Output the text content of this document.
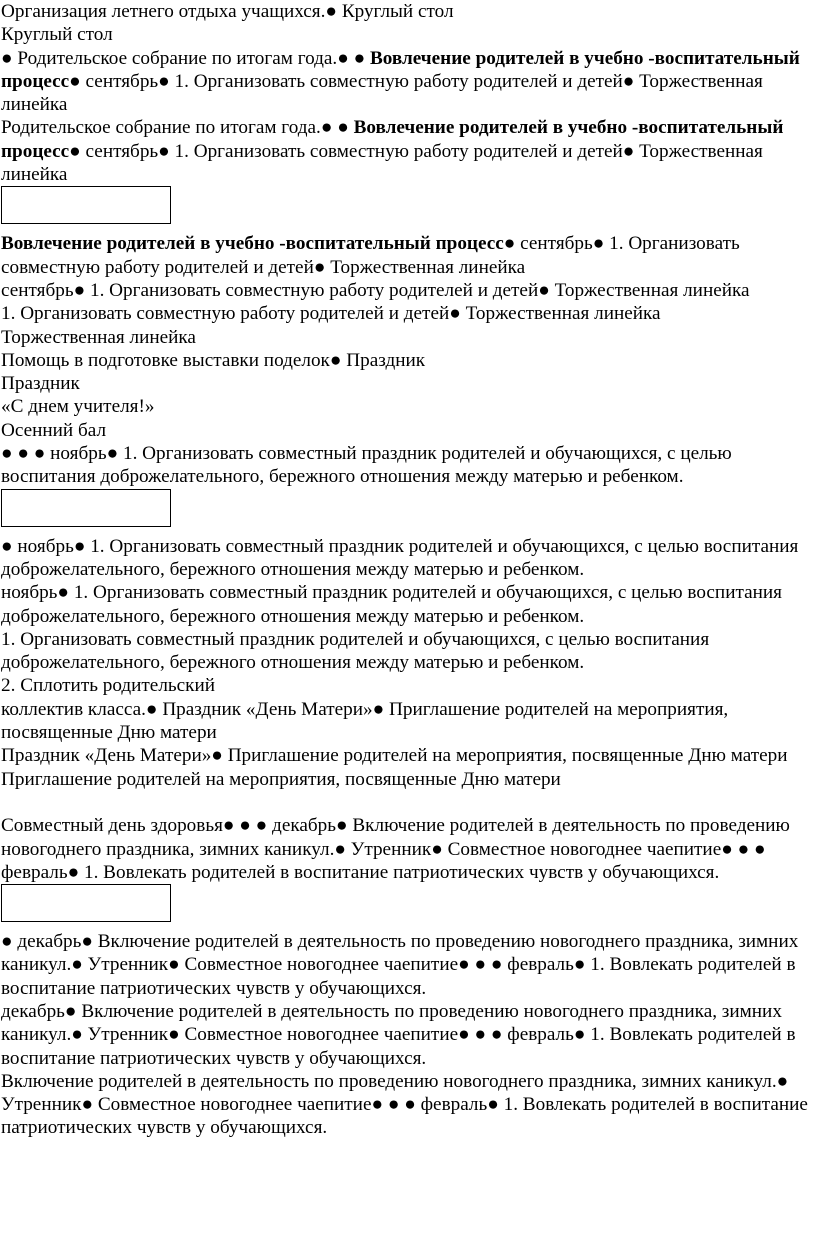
Организация летнего отдыха учащихся.● Круглый стол

Круглый стол

● Родительское собрание по итогам года.● ● Вовлечение родителей в учебно -воспитательный процесс● сентябрь● 1. Организовать совместную работу родителей и детей● Торжественная линейка

Родительское собрание по итогам года.● ● Вовлечение родителей в учебно -воспитательный процесс● сентябрь● 1. Организовать совместную работу родителей и детей● Торжественная линейка

Вовлечение родителей в учебно -воспитательный процесс● сентябрь● 1. Организовать совместную работу родителей и детей● Торжественная линейка

сентябрь● 1. Организовать совместную работу родителей и детей● Торжественная линейка

1. Организовать совместную работу родителей и детей● Торжественная линейка

Торжественная линейка

Помощь в подготовке выставки поделок● Праздник

Праздник

«С днем учителя!»

Осенний бал

● ● ● ноябрь● 1. Организовать совместный праздник родителей и обучающихся, с целью воспитания доброжелательного, бережного отношения между матерью и ребенком.

● ноябрь● 1. Организовать совместный праздник родителей и обучающихся, с целью воспитания доброжелательного, бережного отношения между матерью и ребенком.

ноябрь● 1. Организовать совместный праздник родителей и обучающихся, с целью воспитания доброжелательного, бережного отношения между матерью и ребенком.

1. Организовать совместный праздник родителей и обучающихся, с целью воспитания доброжелательного, бережного отношения между матерью и ребенком.

2. Сплотить родительский

коллектив класса.● Праздник «День Матери»● Приглашение родителей на мероприятия, посвященные Дню матери

Праздник «День Матери»● Приглашение родителей на мероприятия, посвященные Дню матери

Приглашение родителей на мероприятия, посвященные Дню матери

Совместный день здоровья● ● ● декабрь● Включение родителей в деятельность по проведению новогоднего праздника, зимних каникул.● Утренник● Совместное новогоднее чаепитие● ● ● февраль● 1. Вовлекать родителей в воспитание патриотических чувств у обучающихся.

● декабрь● Включение родителей в деятельность по проведению новогоднего праздника, зимних каникул.● Утренник● Совместное новогоднее чаепитие● ● ● февраль● 1. Вовлекать родителей в воспитание патриотических чувств у обучающихся.

декабрь● Включение родителей в деятельность по проведению новогоднего праздника, зимних каникул.● Утренник● Совместное новогоднее чаепитие● ● ● февраль● 1. Вовлекать родителей в воспитание патриотических чувств у обучающихся.

Включение родителей в деятельность по проведению новогоднего праздника, зимних каникул.● Утренник● Совместное новогоднее чаепитие● ● ● февраль● 1. Вовлекать родителей в воспитание патриотических чувств у обучающихся.
